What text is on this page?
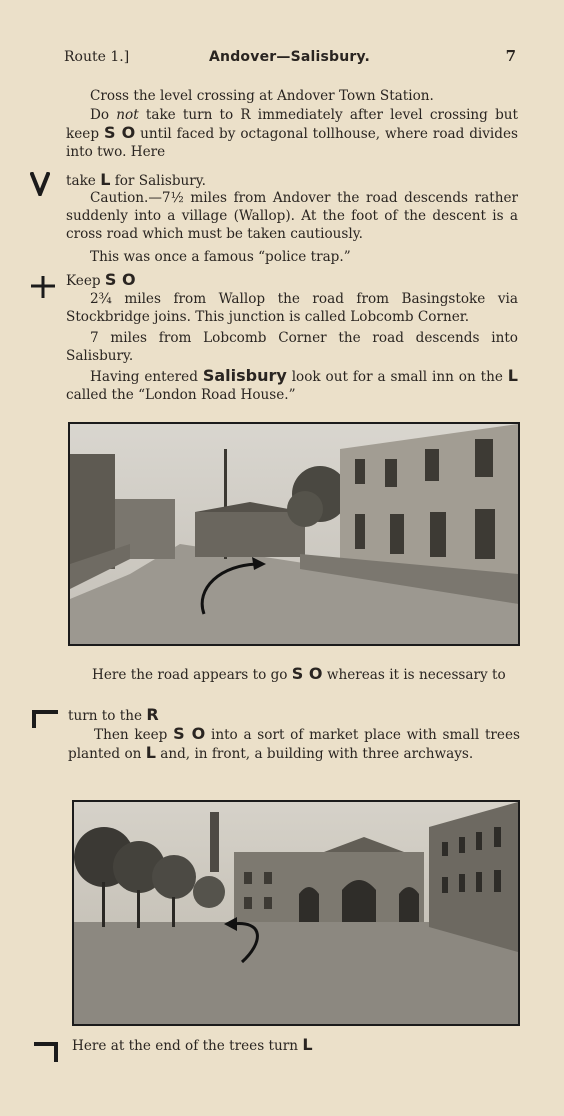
Route 1.]	Andover—Salisbury.	7
Cross the level crossing at Andover Town Station.
Do not take turn to R immediately after level crossing but keep S O until faced by octagonal tollhouse, where road divides into two. Here
take L for Salisbury.
Caution.—7½ miles from Andover the road descends rather suddenly into a village (Wallop). At the foot of the descent is a cross road which must be taken cautiously.
This was once a famous “police trap.”
Keep S O
2¾ miles from Wallop the road from Basingstoke via Stockbridge joins. This junction is called Lobcomb Corner.
7 miles from Lobcomb Corner the road descends into Salisbury.
Having entered Salisbury look out for a small inn on the L called the “London Road House.”
Here the road appears to go S O whereas it is necessary to
turn to the R
Then keep S O into a sort of market place with small trees planted on L and, in front, a building with three archways.
Here at the end of the trees turn L
